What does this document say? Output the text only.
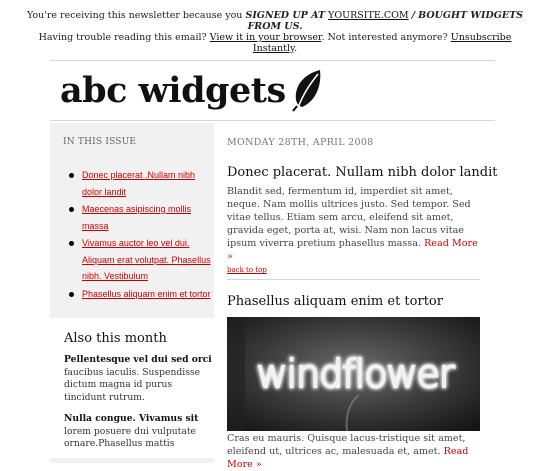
You're receiving this newsletter because you SIGNED UP AT YOURSITE.COM / BOUGHT WIDGETS
FROM US.
Having trouble reading this email? View it in your browser. Not interested anymore? Unsubscribe
Instantly.
abc widgets
IN THIS ISSUE
Donec placerat .Nullam nibh dolor landit
Maecenas asipiscing mollis massa
Vivamus auctor leo vel dui. Aliquam erat volutpat. Phasellus nibh. Vestibulum
Phasellus aliquam enim et tortor
Also this month
Pellentesque vel dui sed orci faucibus iaculis. Suspendisse dictum magna id purus tincidunt rutrum.
Nulla congue. Vivamus sit lorem posuere dui vulputate ornare.Phasellus mattis
MONDAY 28TH, APRIL 2008
Donec placerat. Nullam nibh dolor landit
Blandit sed, fermentum id, imperdiet sit amet, neque. Nam mollis ultrices justo. Sed tempor. Sed vitae tellus. Etiam sem arcu, eleifend sit amet, gravida eget, porta at, wisi. Nam non lacus vitae ipsum viverra pretium phasellus massa. Read More »
back to top
Phasellus aliquam enim et tortor
windflower
Cras eu mauris. Quisque lacus-tristique sit amet, eleifend ut, ultrices ac, malesuada et, amet. Read More »
